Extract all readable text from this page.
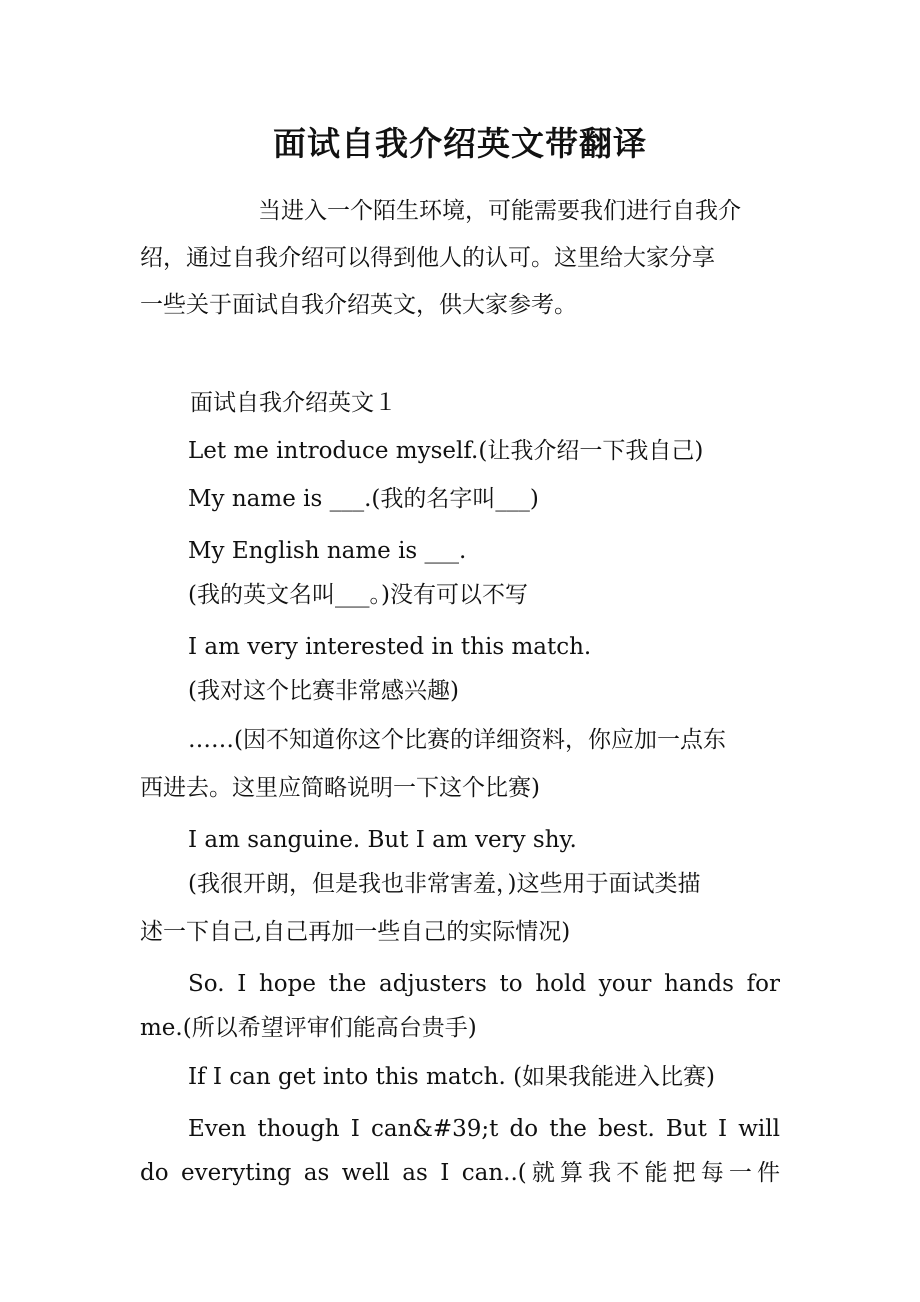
面试自我介绍英文带翻译

当进入一个陌生环境，可能需要我们进行自我介

绍，通过自我介绍可以得到他人的认可。这里给大家分享

一些关于面试自我介绍英文，供大家参考。

面试自我介绍英文１

Let me introduce myself.(让我介绍一下我自己)

My name is ___.(我的名字叫___)

My English name is ___.

(我的英文名叫___。)没有可以不写

I am very interested in this match.

(我对这个比赛非常感兴趣)

……(因不知道你这个比赛的详细资料，你应加一点东

西进去。这里应简略说明一下这个比赛)

I am sanguine. But I am very shy.

(我很开朗，但是我也非常害羞，)这些用于面试类描

述一下自己,自己再加一些自己的实际情况)

So. I hope the adjusters to hold your hands for

me.(所以希望评审们能高台贵手)

If I can get into this match. (如果我能进入比赛)

Even though I can&#39;t do the best. But I will

do everyting as well as I can..(就算我不能把每一件
